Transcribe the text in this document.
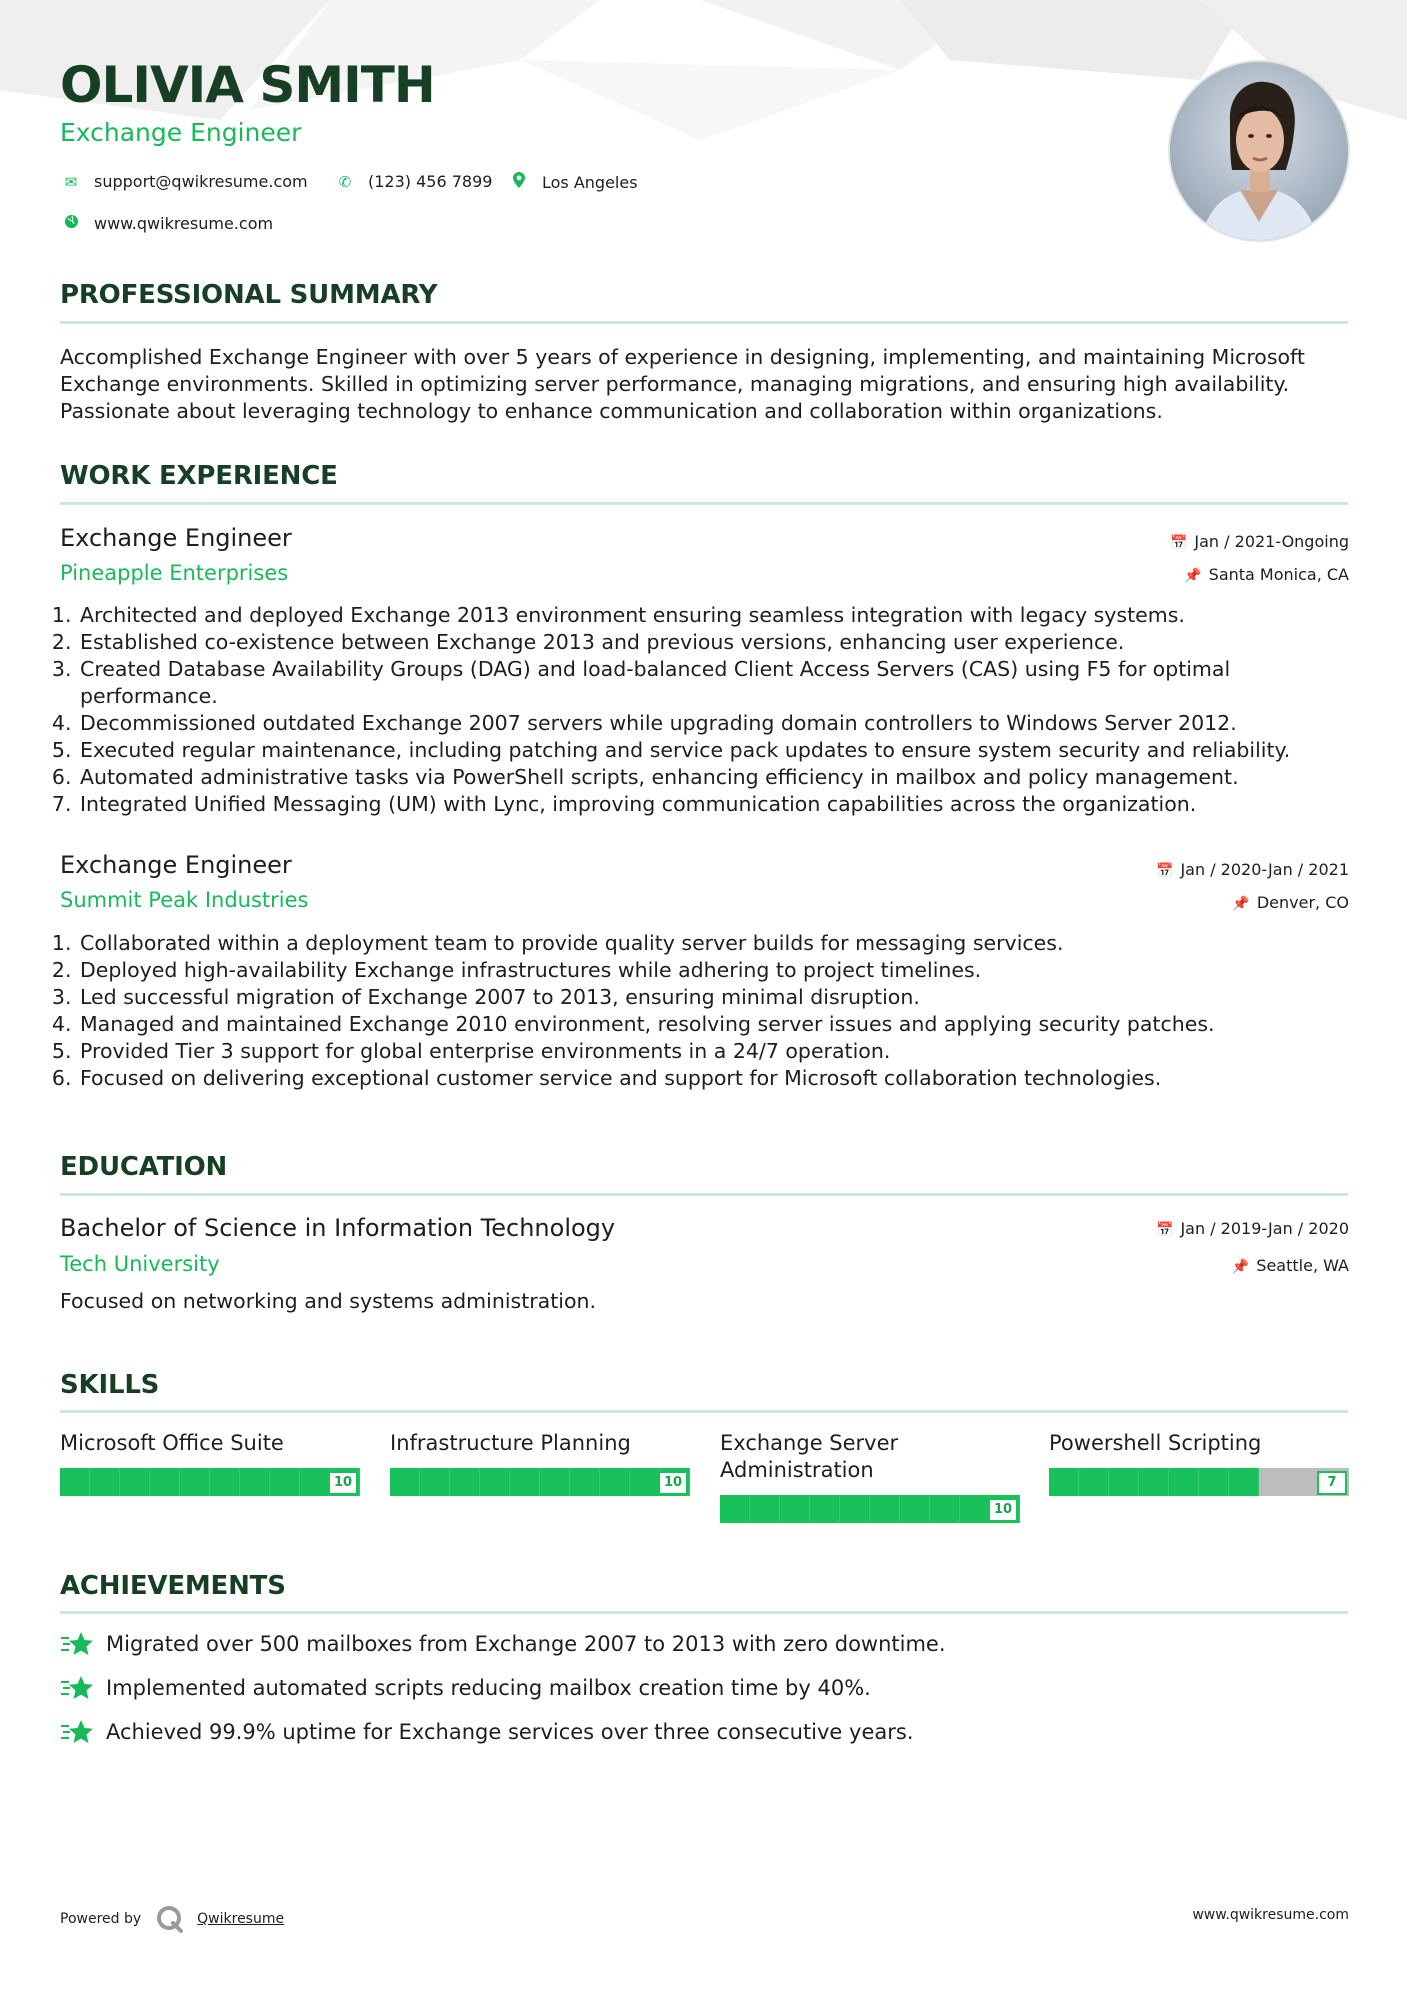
OLIVIA SMITH
Exchange Engineer
✉ support@qwikresume.com	✆ (123) 456 7899	Los Angeles
www.qwikresume.com
PROFESSIONAL SUMMARY
Accomplished Exchange Engineer with over 5 years of experience in designing, implementing, and maintaining Microsoft Exchange environments. Skilled in optimizing server performance, managing migrations, and ensuring high availability. Passionate about leveraging technology to enhance communication and collaboration within organizations.
WORK EXPERIENCE
Exchange Engineer
Pineapple Enterprises
📅 Jan / 2021-Ongoing
📌 Santa Monica, CA
1. Architected and deployed Exchange 2013 environment ensuring seamless integration with legacy systems.
2. Established co-existence between Exchange 2013 and previous versions, enhancing user experience.
3. Created Database Availability Groups (DAG) and load-balanced Client Access Servers (CAS) using F5 for optimal performance.
4. Decommissioned outdated Exchange 2007 servers while upgrading domain controllers to Windows Server 2012.
5. Executed regular maintenance, including patching and service pack updates to ensure system security and reliability.
6. Automated administrative tasks via PowerShell scripts, enhancing efficiency in mailbox and policy management.
7. Integrated Unified Messaging (UM) with Lync, improving communication capabilities across the organization.
Exchange Engineer
Summit Peak Industries
📅 Jan / 2020-Jan / 2021
📌 Denver, CO
1. Collaborated within a deployment team to provide quality server builds for messaging services.
2. Deployed high-availability Exchange infrastructures while adhering to project timelines.
3. Led successful migration of Exchange 2007 to 2013, ensuring minimal disruption.
4. Managed and maintained Exchange 2010 environment, resolving server issues and applying security patches.
5. Provided Tier 3 support for global enterprise environments in a 24/7 operation.
6. Focused on delivering exceptional customer service and support for Microsoft collaboration technologies.
EDUCATION
Bachelor of Science in Information Technology
Tech University
📅 Jan / 2019-Jan / 2020
📌 Seattle, WA
Focused on networking and systems administration.
SKILLS
Microsoft Office Suite
10
Infrastructure Planning
10
Exchange Server Administration
10
Powershell Scripting
7
ACHIEVEMENTS
Migrated over 500 mailboxes from Exchange 2007 to 2013 with zero downtime.
Implemented automated scripts reducing mailbox creation time by 40%.
Achieved 99.9% uptime for Exchange services over three consecutive years.
Powered by	Qwikresume	www.qwikresume.com
